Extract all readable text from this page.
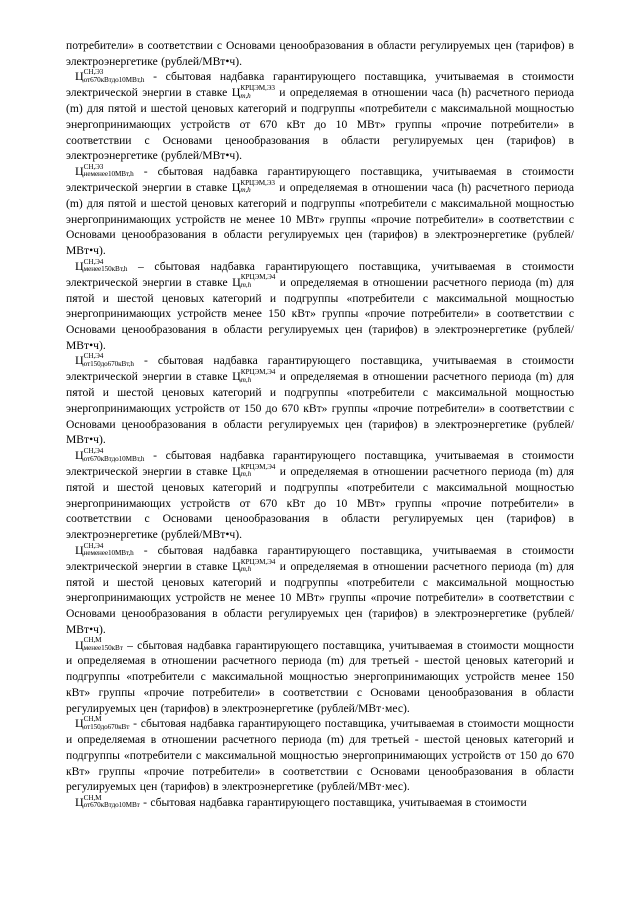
потребители» в соответствии с Основами ценообразования в области регулируемых цен (тарифов) в электроэнергетике (рублей/МВт•ч).

Ц СН,Э3
от670кВтдо10МВт,h - сбытовая надбавка гарантирующего поставщика, учитываемая в стоимости электрической энергии в ставке Ц КРЦЭМ,Э3
m,h	и определяемая в отношении часа (h) расчетного периода (m) для пятой и шестой ценовых категорий и подгруппы «потребители с максимальной мощностью энергопринимающих устройств от 670 кВт до 10 МВт» группы «прочие потребители» в соответствии с Основами ценообразования в области регулируемых цен (тарифов) в электроэнергетике (рублей/МВт•ч).

Ц СН,Э3
неменее10МВт,h - сбытовая надбавка гарантирующего поставщика, учитываемая в стоимости электрической энергии в ставке Ц КРЦЭМ,Э3
m,h	и определяемая в отношении часа (h) расчетного периода (m) для пятой и шестой ценовых категорий и подгруппы «потребители с максимальной мощностью энергопринимающих устройств не менее 10 МВт» группы «прочие потребители» в соответствии с Основами ценообразования в области регулируемых цен (тарифов) в электроэнергетике (рублей/МВт•ч).

Ц СН,Э4
менее150кВт,h – сбытовая надбавка гарантирующего поставщика, учитываемая в стоимости электрической энергии в ставке Ц КРЦЭМ,Э4
m,h	и определяемая в отношении расчетного периода (m) для пятой и шестой ценовых категорий и подгруппы «потребители с максимальной мощностью энергопринимающих устройств менее 150 кВт» группы «прочие потребители» в соответствии с Основами ценообразования в области регулируемых цен (тарифов) в электроэнергетике (рублей/МВт•ч).

Ц СН,Э4
от150до670кВт,h - сбытовая надбавка гарантирующего поставщика, учитываемая в стоимости электрической энергии в ставке Ц КРЦЭМ,Э4
m,h	и определяемая в отношении расчетного периода (m) для пятой и шестой ценовых категорий и подгруппы «потребители с максимальной мощностью энергопринимающих устройств от 150 до 670 кВт» группы «прочие потребители» в соответствии с Основами ценообразования в области регулируемых цен (тарифов) в электроэнергетике (рублей/МВт•ч).

Ц СН,Э4
от670кВтдо10МВт,h - сбытовая надбавка гарантирующего поставщика, учитываемая в стоимости электрической энергии в ставке Ц КРЦЭМ,Э4
m,h	и определяемая в отношении расчетного периода (m) для пятой и шестой ценовых категорий и подгруппы «потребители с максимальной мощностью энергопринимающих устройств от 670 кВт до 10 МВт» группы «прочие потребители» в соответствии с Основами ценообразования в области регулируемых цен (тарифов) в электроэнергетике (рублей/МВт•ч).

Ц СН,Э4
неменее10МВт,h - сбытовая надбавка гарантирующего поставщика, учитываемая в стоимости электрической энергии в ставке Ц КРЦЭМ,Э4
m,h	и определяемая в отношении расчетного периода (m) для пятой и шестой ценовых категорий и подгруппы «потребители с максимальной мощностью энергопринимающих устройств не менее 10 МВт» группы «прочие потребители» в соответствии с Основами ценообразования в области регулируемых цен (тарифов) в электроэнергетике (рублей/МВт•ч).

Ц СН,М
менее150кВт – сбытовая надбавка гарантирующего поставщика, учитываемая в стоимости мощности и определяемая в отношении расчетного периода (m) для третьей - шестой ценовых категорий и подгруппы «потребители с максимальной мощностью энергопринимающих устройств менее 150 кВт» группы «прочие потребители» в соответствии с Основами ценообразования в области регулируемых цен (тарифов) в электроэнергетике (рублей/МВт·мес).

Ц СН,М
от150до670кВт - сбытовая надбавка гарантирующего поставщика, учитываемая в стоимости мощности и определяемая в отношении расчетного периода (m) для третьей - шестой ценовых категорий и подгруппы «потребители с максимальной мощностью энергопринимающих устройств от 150 до 670 кВт» группы «прочие потребители» в соответствии с Основами ценообразования в области регулируемых цен (тарифов) в электроэнергетике (рублей/МВт·мес).

Ц СН,М
от670кВтдо10МВт - сбытовая надбавка гарантирующего поставщика, учитываемая в стоимости
